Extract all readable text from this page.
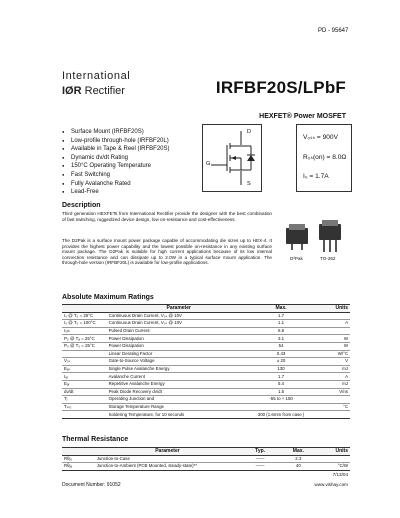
PD - 95647
International
IØR Rectifier	IRFBF20S/LPbF
HEXFET® Power MOSFET
● Surface Mount (IRFBF20S)
● Low-profile through-hole (IRFBF20L)
● Available in Tape & Reel (IRFBF20S)
● Dynamic dv/dt Rating
● 150°C Operating Temperature
● Fast Switching
● Fully Avalanche Rated
● Lead-Free
D
G
S
V₀ₛₛ = 900V
R₀ₛ(on) = 8.0Ω
I₀ = 1.7A
Description
Third generation HEXFETs from International Rectifier provide the designer with the best combination of fast switching, ruggedized device design, low on-resistance and cost-effectiveness.
The D2Pak is a surface mount power package capable of accommodating die sizes up to HEX-4. It provides the highest power capability and the lowest possible on-resistance in any existing surface mount package. The D2Pak is suitable for high current applications because of its low internal connection resistance and can dissipate up to 2.0W in a typical surface mount application. The through-hole version (IRFBF20L) is available for low-profile applications.
D²Pak	TO-262
Absolute Maximum Ratings
	Parameter	Max.	Units
I₀ @ T₀ = 25°C	Continuous Drain Current, V₀ₛ @ 10V	1.7	
I₀ @ T₀ = 100°C	Continuous Drain Current, V₀ₛ @ 10V	1.1	A
I₀ₘ	Pulsed Drain Current	6.8	
P₀ @ Tₐ = 25°C	Power Dissipation	3.1	W
P₀ @ T₀ = 25°C	Power Dissipation	54	W
	Linear Derating Factor	0.43	W/°C
V₀ₛ	Gate-to-Source Voltage	± 20	V
Eₐₛ	Single Pulse Avalanche Energy	130	mJ
Iₐᵣ	Avalanche Current	1.7	A
Eₐᵣ	Repetitive Avalanche Energy	5.4	mJ
dv/dt	Peak Diode Recovery dv/dt	1.5	V/ns
Tⱼ	Operating Junction and	-55 to + 150	
Tₛₜₒ	Storage Temperature Range		°C
	Soldering Temperature, for 10 seconds	300 (1.6mm from case )	
Thermal Resistance
	Parameter	Typ.	Max.	Units
Rθⱼ₀	Junction-to-Case	——	2.3	
Rθⱼₐ	Junction-to-Ambient (PCB Mounted, steady-state)**	——	40	°C/W
7/13/04
Document Number: 91052	www.vishay.com
